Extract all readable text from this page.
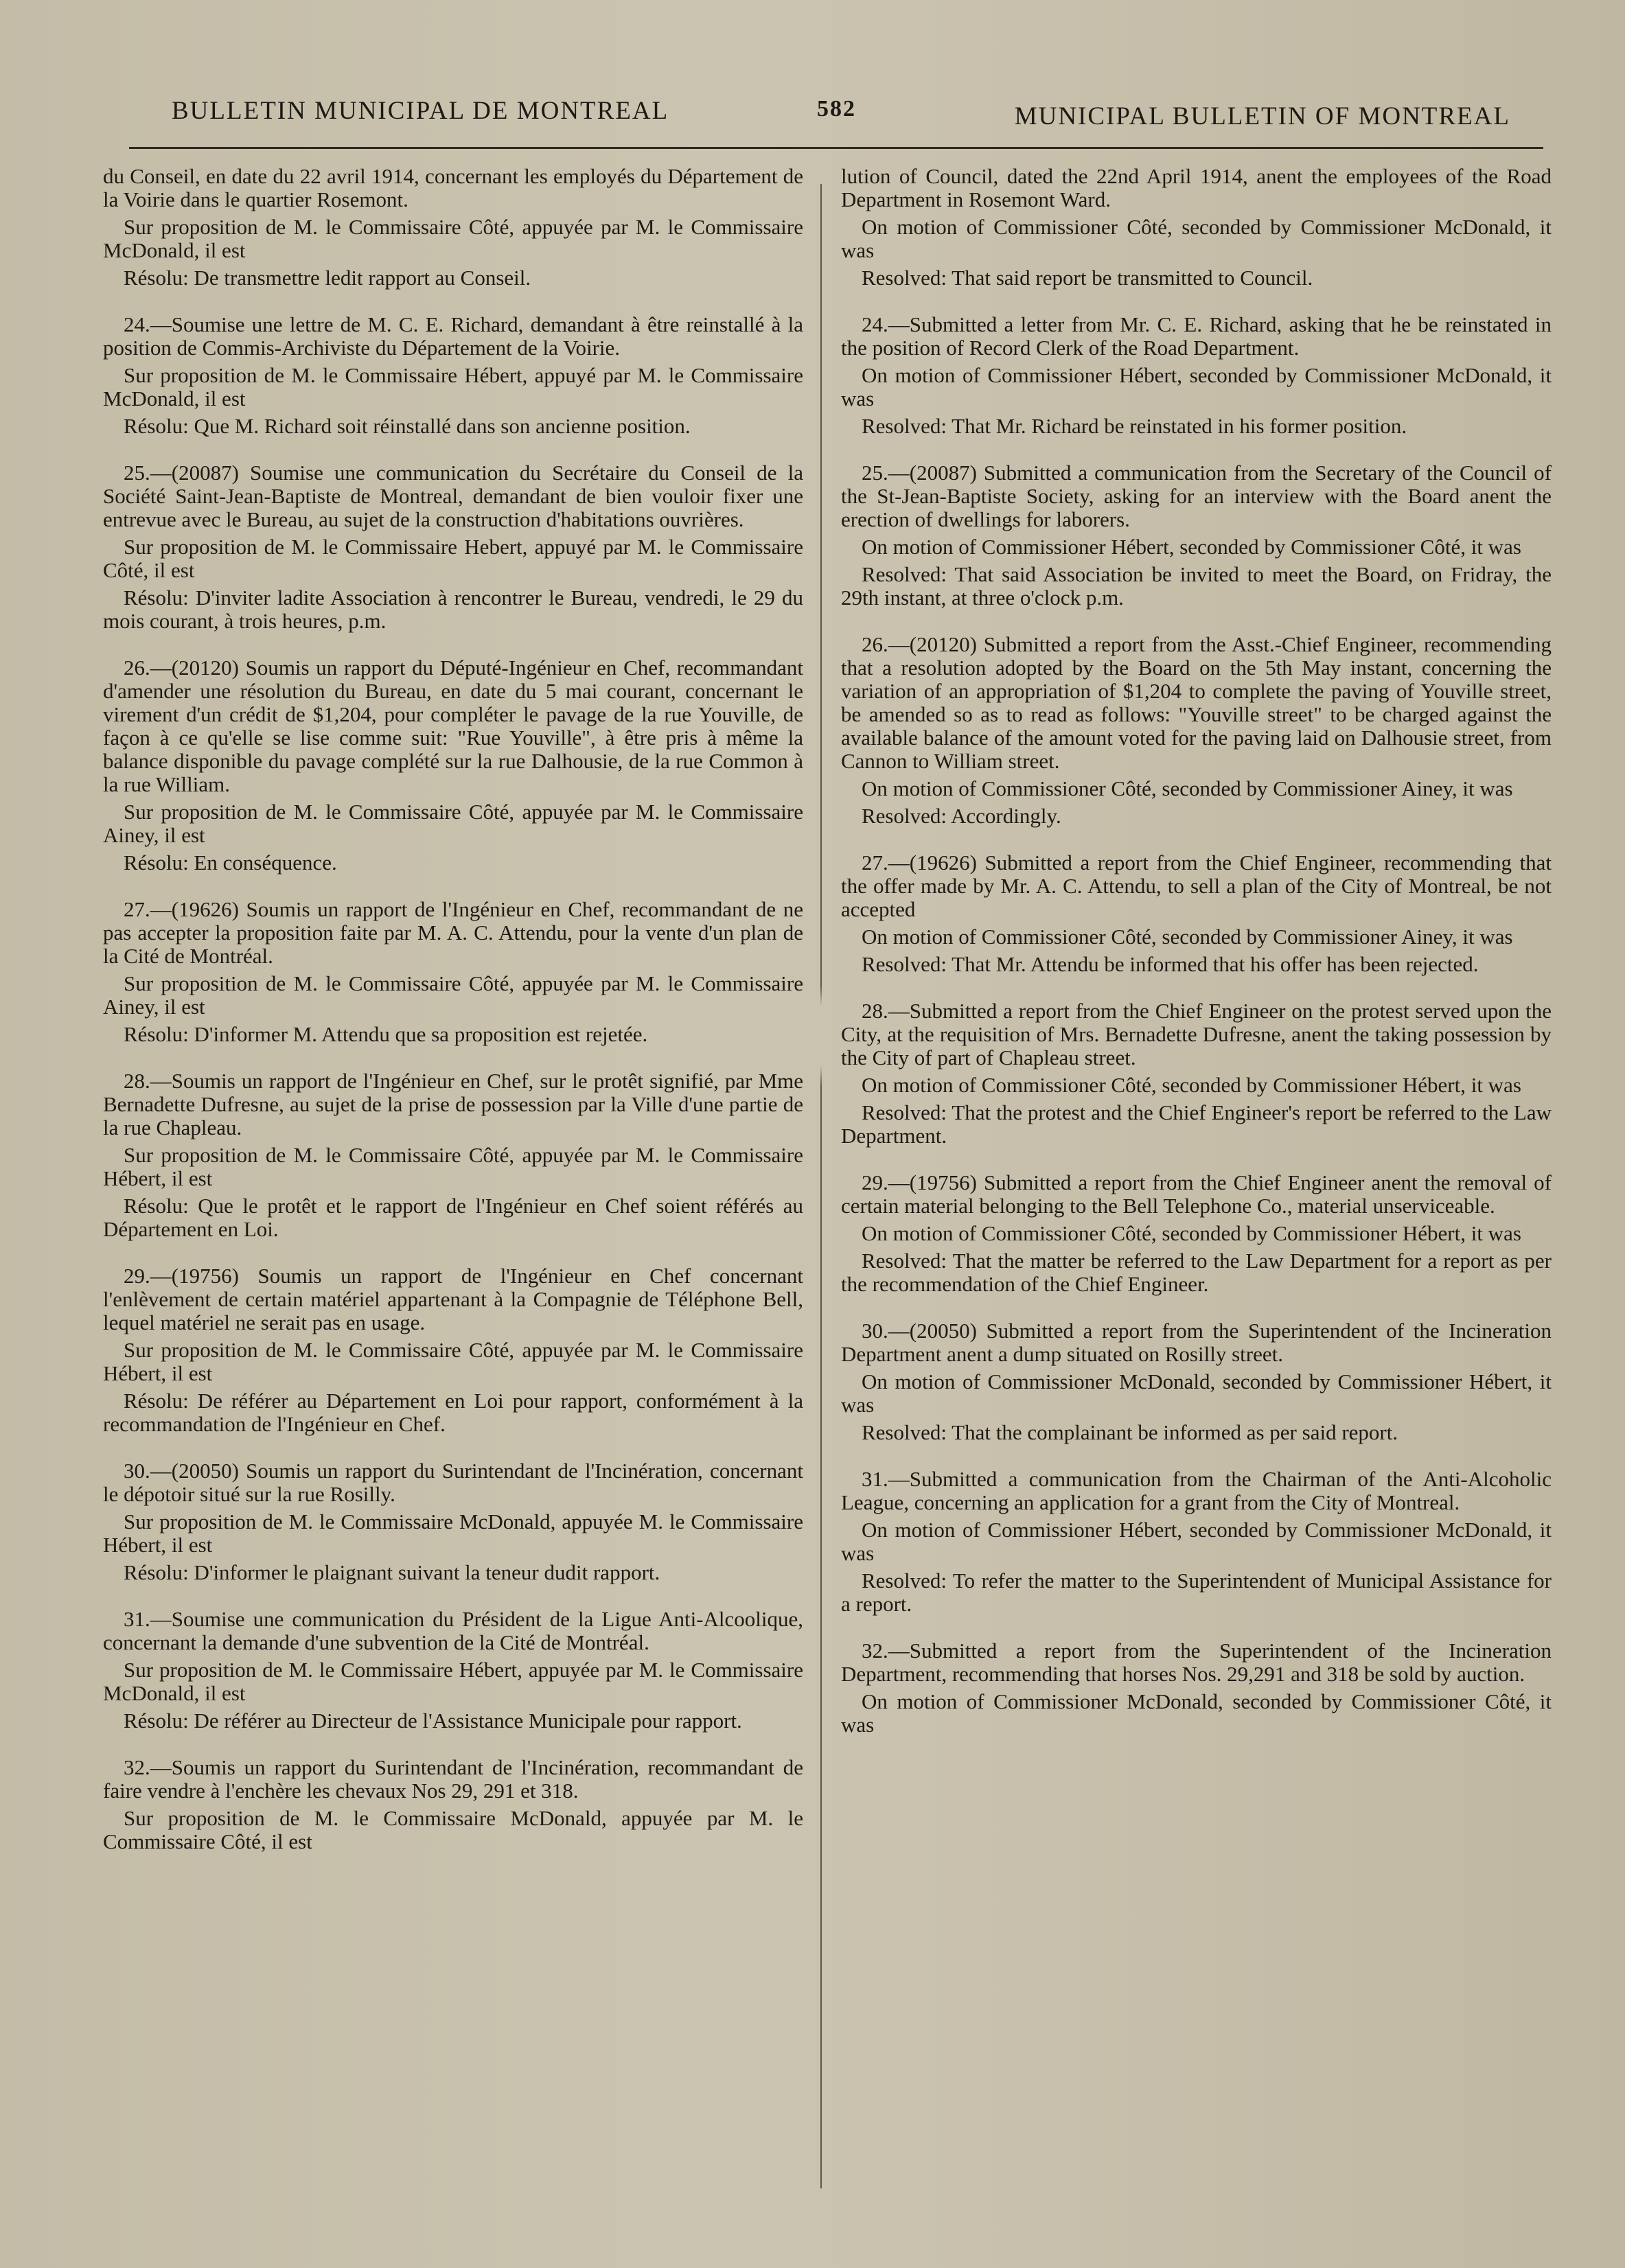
BULLETIN MUNICIPAL DE MONTREAL	582	MUNICIPAL BULLETIN OF MONTREAL

du Conseil, en date du 22 avril 1914, concernant les employés du Département de la Voirie dans le quartier Rosemont.

Sur proposition de M. le Commissaire Côté, appuyée par M. le Commissaire McDonald, il est

Résolu: De transmettre ledit rapport au Conseil.

24.—Soumise une lettre de M. C. E. Richard, demandant à être reinstallé à la position de Commis-Archiviste du Département de la Voirie.

Sur proposition de M. le Commissaire Hébert, appuyé par M. le Commissaire McDonald, il est

Résolu: Que M. Richard soit réinstallé dans son ancienne position.

25.—(20087) Soumise une communication du Secrétaire du Conseil de la Société Saint-Jean-Baptiste de Montreal, demandant de bien vouloir fixer une entrevue avec le Bureau, au sujet de la construction d'habitations ouvrières.

Sur proposition de M. le Commissaire Hebert, appuyé par M. le Commissaire Côté, il est

Résolu: D'inviter ladite Association à rencontrer le Bureau, vendredi, le 29 du mois courant, à trois heures, p.m.

26.—(20120) Soumis un rapport du Député-Ingénieur en Chef, recommandant d'amender une résolution du Bureau, en date du 5 mai courant, concernant le virement d'un crédit de $1,204, pour compléter le pavage de la rue Youville, de façon à ce qu'elle se lise comme suit: "Rue Youville", à être pris à même la balance disponible du pavage complété sur la rue Dalhousie, de la rue Common à la rue William.

Sur proposition de M. le Commissaire Côté, appuyée par M. le Commissaire Ainey, il est

Résolu: En conséquence.

27.—(19626) Soumis un rapport de l'Ingénieur en Chef, recommandant de ne pas accepter la proposition faite par M. A. C. Attendu, pour la vente d'un plan de la Cité de Montréal.

Sur proposition de M. le Commissaire Côté, appuyée par M. le Commissaire Ainey, il est

Résolu: D'informer M. Attendu que sa proposition est rejetée.

28.—Soumis un rapport de l'Ingénieur en Chef, sur le protêt signifié, par Mme Bernadette Dufresne, au sujet de la prise de possession par la Ville d'une partie de la rue Chapleau.

Sur proposition de M. le Commissaire Côté, appuyée par M. le Commissaire Hébert, il est

Résolu: Que le protêt et le rapport de l'Ingénieur en Chef soient référés au Département en Loi.

29.—(19756) Soumis un rapport de l'Ingénieur en Chef concernant l'enlèvement de certain matériel appartenant à la Compagnie de Téléphone Bell, lequel matériel ne serait pas en usage.

Sur proposition de M. le Commissaire Côté, appuyée par M. le Commissaire Hébert, il est

Résolu: De référer au Département en Loi pour rapport, conformément à la recommandation de l'Ingénieur en Chef.

30.—(20050) Soumis un rapport du Surintendant de l'Incinération, concernant le dépotoir situé sur la rue Rosilly.

Sur proposition de M. le Commissaire McDonald, appuyée M. le Commissaire Hébert, il est

Résolu: D'informer le plaignant suivant la teneur dudit rapport.

31.—Soumise une communication du Président de la Ligue Anti-Alcoolique, concernant la demande d'une subvention de la Cité de Montréal.

Sur proposition de M. le Commissaire Hébert, appuyée par M. le Commissaire McDonald, il est

Résolu: De référer au Directeur de l'Assistance Municipale pour rapport.

32.—Soumis un rapport du Surintendant de l'Incinération, recommandant de faire vendre à l'enchère les chevaux Nos 29, 291 et 318.

Sur proposition de M. le Commissaire McDonald, appuyée par M. le Commissaire Côté, il est

lution of Council, dated the 22nd April 1914, anent the employees of the Road Department in Rosemont Ward.

On motion of Commissioner Côté, seconded by Commissioner McDonald, it was

Resolved: That said report be transmitted to Council.

24.—Submitted a letter from Mr. C. E. Richard, asking that he be reinstated in the position of Record Clerk of the Road Department.

On motion of Commissioner Hébert, seconded by Commissioner McDonald, it was

Resolved: That Mr. Richard be reinstated in his former position.

25.—(20087) Submitted a communication from the Secretary of the Council of the St-Jean-Baptiste Society, asking for an interview with the Board anent the erection of dwellings for laborers.

On motion of Commissioner Hébert, seconded by Commissioner Côté, it was

Resolved: That said Association be invited to meet the Board, on Fridray, the 29th instant, at three o'clock p.m.

26.—(20120) Submitted a report from the Asst.-Chief Engineer, recommending that a resolution adopted by the Board on the 5th May instant, concerning the variation of an appropriation of $1,204 to complete the paving of Youville street, be amended so as to read as follows: "Youville street" to be charged against the available balance of the amount voted for the paving laid on Dalhousie street, from Cannon to William street.

On motion of Commissioner Côté, seconded by Commissioner Ainey, it was

Resolved: Accordingly.

27.—(19626) Submitted a report from the Chief Engineer, recommending that the offer made by Mr. A. C. Attendu, to sell a plan of the City of Montreal, be not accepted

On motion of Commissioner Côté, seconded by Commissioner Ainey, it was

Resolved: That Mr. Attendu be informed that his offer has been rejected.

28.—Submitted a report from the Chief Engineer on the protest served upon the City, at the requisition of Mrs. Bernadette Dufresne, anent the taking possession by the City of part of Chapleau street.

On motion of Commissioner Côté, seconded by Commissioner Hébert, it was

Resolved: That the protest and the Chief Engineer's report be referred to the Law Department.

29.—(19756) Submitted a report from the Chief Engineer anent the removal of certain material belonging to the Bell Telephone Co., material unserviceable.

On motion of Commissioner Côté, seconded by Commissioner Hébert, it was

Resolved: That the matter be referred to the Law Department for a report as per the recommendation of the Chief Engineer.

30.—(20050) Submitted a report from the Superintendent of the Incineration Department anent a dump situated on Rosilly street.

On motion of Commissioner McDonald, seconded by Commissioner Hébert, it was

Resolved: That the complainant be informed as per said report.

31.—Submitted a communication from the Chairman of the Anti-Alcoholic League, concerning an application for a grant from the City of Montreal.

On motion of Commissioner Hébert, seconded by Commissioner McDonald, it was

Resolved: To refer the matter to the Superintendent of Municipal Assistance for a report.

32.—Submitted a report from the Superintendent of the Incineration Department, recommending that horses Nos. 29,291 and 318 be sold by auction.

On motion of Commissioner McDonald, seconded by Commissioner Côté, it was
